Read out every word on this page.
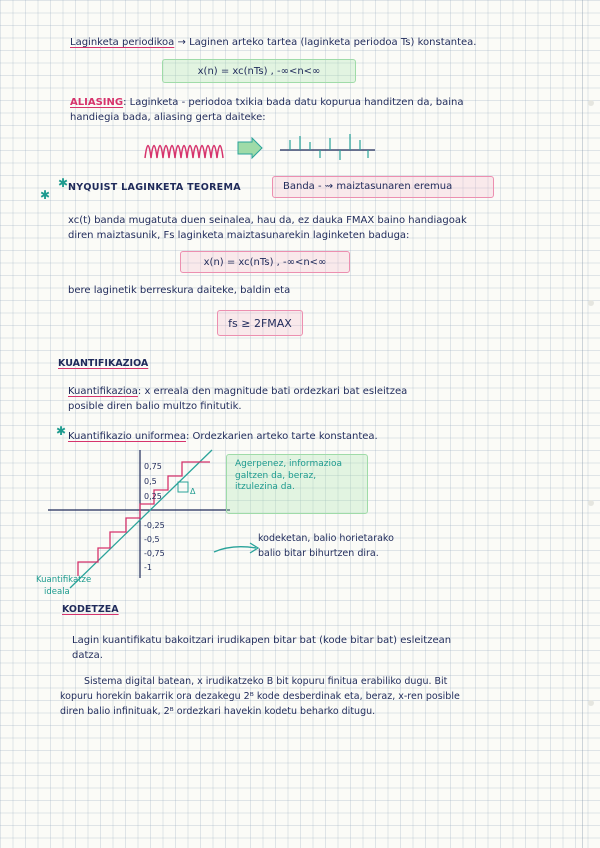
Laginketa periodikoa → Laginen arteko tartea (laginketa periodoa Ts) konstantea.
x(n) = xc(nTs) , -∞<n<∞
ALIASING: Laginketa - periodoa txikia bada datu kopurua handitzen da, baina
handiegia bada, aliasing gerta daiteke:
✱
✱ NYQUIST LAGINKETA TEOREMA	Banda - ⇝ maiztasunaren eremua
xc(t) banda mugatuta duen seinalea, hau da, ez dauka FMAX baino handiagoak
diren maiztasunik, Fs laginketa maiztasunarekin laginketen baduga:
x(n) = xc(nTs) , -∞<n<∞
bere laginetik berreskura daiteke, baldin eta
fs ≥ 2FMAX
KUANTIFIKAZIOA
Kuantifikazioa: x erreala den magnitude bati ordezkari bat esleitzea
posible diren balio multzo finitutik.
✱ Kuantifikazio uniformea: Ordezkarien arteko tarte konstantea.
0,75
0,5
0,25
-0,25
-0,5
-0,75
-1
Δ
Agerpenez, informazioa galtzen da, beraz, itzulezina da.
kodeketan, balio horietarako
balio bitar bihurtzen dira.
Kuantifikatze
ideala
KODETZEA
Lagin kuantifikatu bakoitzari irudikapen bitar bat (kode bitar bat) esleitzean
datza.
Sistema digital batean, x irudikatzeko B bit kopuru finitua erabiliko dugu. Bit
kopuru horekin bakarrik ora dezakegu 2ᴮ kode desberdinak eta, beraz, x-ren posible
diren balio infinituak, 2ᴮ ordezkari havekin kodetu beharko ditugu.
